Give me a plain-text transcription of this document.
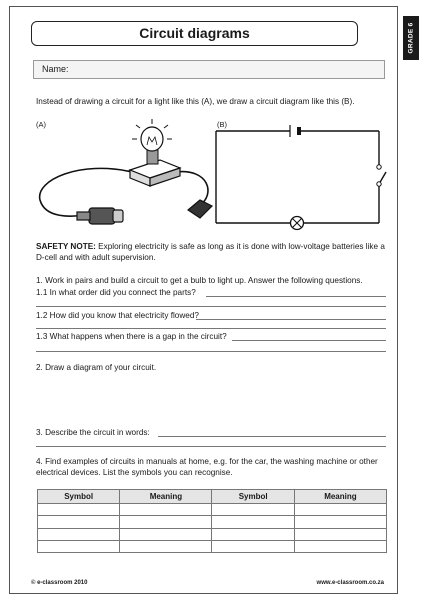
Circuit diagrams	GRADE 6
Name:
Instead of drawing a circuit for a light like this (A), we draw a circuit diagram like this (B).
(A)	(B)
SAFETY NOTE: Exploring electricity is safe as long as it is done with low-voltage batteries like a D-cell and with adult supervision.
1. Work in pairs and build a circuit to get a bulb to light up. Answer the following questions.
1.1 In what order did you connect the parts?
1.2 How did you know that electricity flowed?
1.3 What happens when there is a gap in the circuit?
2. Draw a diagram of your circuit.
3. Describe the circuit in words:
4. Find examples of circuits in manuals at home, e.g. for the car, the washing machine or other electrical devices. List the symbols you can recognise.
Symbol	Meaning	Symbol	Meaning

© e-classroom 2010	www.e-classroom.co.za
